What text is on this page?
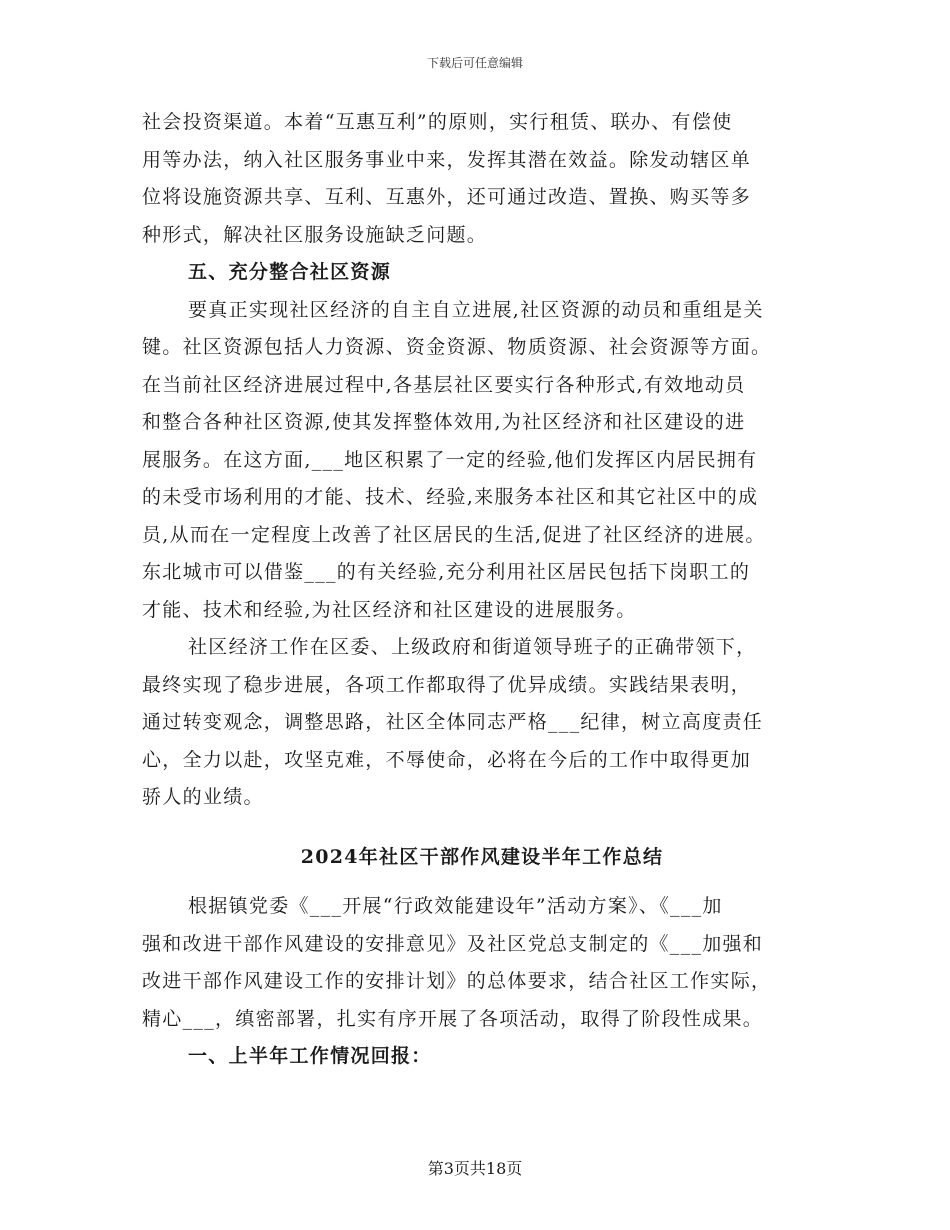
下载后可任意编辑
社会投资渠道。本着“互惠互利”的原则，实行租赁、联办、有偿使
用等办法，纳入社区服务事业中来，发挥其潜在效益。除发动辖区单
位将设施资源共享、互利、互惠外，还可通过改造、置换、购买等多
种形式，解决社区服务设施缺乏问题。
五、充分整合社区资源
要真正实现社区经济的自主自立进展,社区资源的动员和重组是关
键。社区资源包括人力资源、资金资源、物质资源、社会资源等方面。
在当前社区经济进展过程中,各基层社区要实行各种形式,有效地动员
和整合各种社区资源,使其发挥整体效用,为社区经济和社区建设的进
展服务。在这方面,___地区积累了一定的经验,他们发挥区内居民拥有
的未受市场利用的才能、技术、经验,来服务本社区和其它社区中的成
员,从而在一定程度上改善了社区居民的生活,促进了社区经济的进展。
东北城市可以借鉴___的有关经验,充分利用社区居民包括下岗职工的
才能、技术和经验,为社区经济和社区建设的进展服务。
社区经济工作在区委、上级政府和街道领导班子的正确带领下，
最终实现了稳步进展，各项工作都取得了优异成绩。实践结果表明，
通过转变观念，调整思路，社区全体同志严格___纪律，树立高度责任
心，全力以赴，攻坚克难，不辱使命，必将在今后的工作中取得更加
骄人的业绩。
2024年社区干部作风建设半年工作总结
根据镇党委《___开展“行政效能建设年”活动方案》、《___加
强和改进干部作风建设的安排意见》及社区党总支制定的《___加强和
改进干部作风建设工作的安排计划》的总体要求，结合社区工作实际，
精心___，缜密部署，扎实有序开展了各项活动，取得了阶段性成果。
一、上半年工作情况回报：
第3页共18页
